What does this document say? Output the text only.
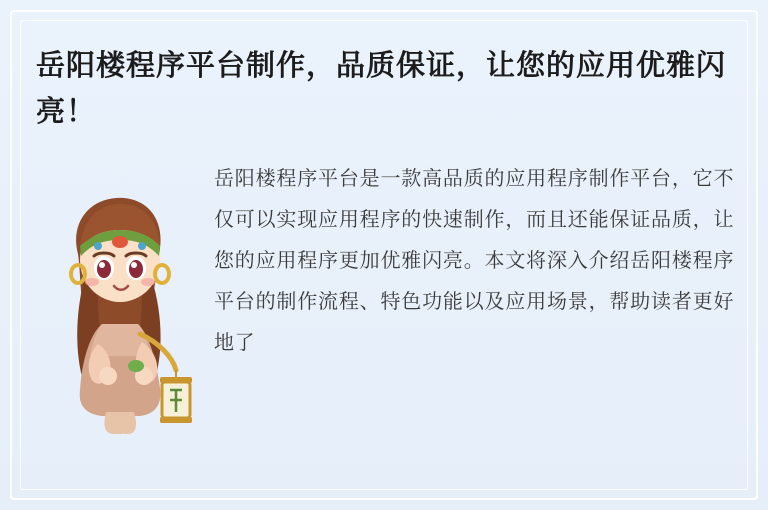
岳阳楼程序平台制作，品质保证，让您的应用优雅闪亮！
岳阳楼程序平台是一款高品质的应用程序制作平台，它不仅可以实现应用程序的快速制作，而且还能保证品质，让您的应用程序更加优雅闪亮。本文将深入介绍岳阳楼程序平台的制作流程、特色功能以及应用场景，帮助读者更好地了
